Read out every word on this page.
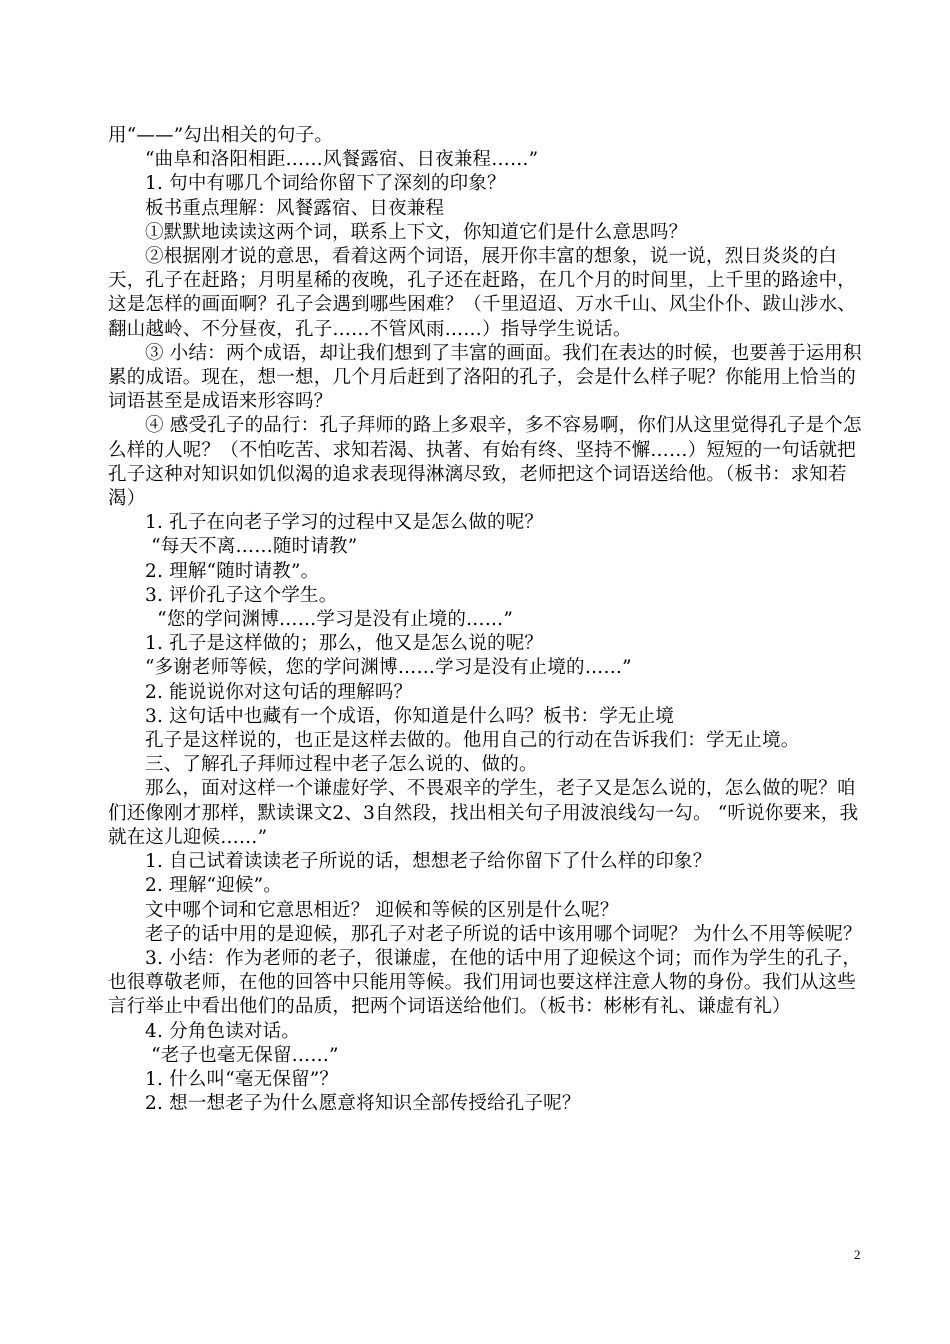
用“——”勾出相关的句子。

“曲阜和洛阳相距……风餐露宿、日夜兼程……”

1. 句中有哪几个词给你留下了深刻的印象？

板书重点理解：风餐露宿、日夜兼程

①默默地读读这两个词，联系上下文，你知道它们是什么意思吗？

②根据刚才说的意思，看着这两个词语，展开你丰富的想象，说一说，烈日炎炎的白天，孔子在赶路；月明星稀的夜晚，孔子还在赶路，在几个月的时间里，上千里的路途中，这是怎样的画面啊？孔子会遇到哪些困难？（千里迢迢、万水千山、风尘仆仆、跋山涉水、翻山越岭、不分昼夜，孔子……不管风雨……）指导学生说话。

③ 小结：两个成语，却让我们想到了丰富的画面。我们在表达的时候，也要善于运用积累的成语。现在，想一想，几个月后赶到了洛阳的孔子，会是什么样子呢？你能用上恰当的词语甚至是成语来形容吗？

④ 感受孔子的品行：孔子拜师的路上多艰辛，多不容易啊，你们从这里觉得孔子是个怎么样的人呢？（不怕吃苦、求知若渴、执著、有始有终、坚持不懈……）短短的一句话就把孔子这种对知识如饥似渴的追求表现得淋漓尽致，老师把这个词语送给他。（板书：求知若渴）

1. 孔子在向老子学习的过程中又是怎么做的呢？

“每天不离……随时请教”

2. 理解“随时请教”。

3. 评价孔子这个学生。

“您的学问渊博……学习是没有止境的……”

1. 孔子是这样做的；那么，他又是怎么说的呢？

“多谢老师等候，您的学问渊博……学习是没有止境的……”

2. 能说说你对这句话的理解吗？

3. 这句话中也藏有一个成语，你知道是什么吗？板书：学无止境

孔子是这样说的，也正是这样去做的。他用自己的行动在告诉我们：学无止境。

三、了解孔子拜师过程中老子怎么说的、做的。

那么，面对这样一个谦虚好学、不畏艰辛的学生，老子又是怎么说的，怎么做的呢？咱们还像刚才那样，默读课文2、3自然段，找出相关句子用波浪线勾一勾。 “听说你要来，我就在这儿迎候……”

1. 自己试着读读老子所说的话，想想老子给你留下了什么样的印象？

2. 理解“迎候”。

文中哪个词和它意思相近？ 迎候和等候的区别是什么呢？

老子的话中用的是迎候，那孔子对老子所说的话中该用哪个词呢？ 为什么不用等候呢？

3. 小结：作为老师的老子，很谦虚，在他的话中用了迎候这个词；而作为学生的孔子，也很尊敬老师，在他的回答中只能用等候。我们用词也要这样注意人物的身份。我们从这些言行举止中看出他们的品质，把两个词语送给他们。（板书：彬彬有礼、谦虚有礼）

4. 分角色读对话。

“老子也毫无保留……”

1. 什么叫“毫无保留”？

2. 想一想老子为什么愿意将知识全部传授给孔子呢？

2
